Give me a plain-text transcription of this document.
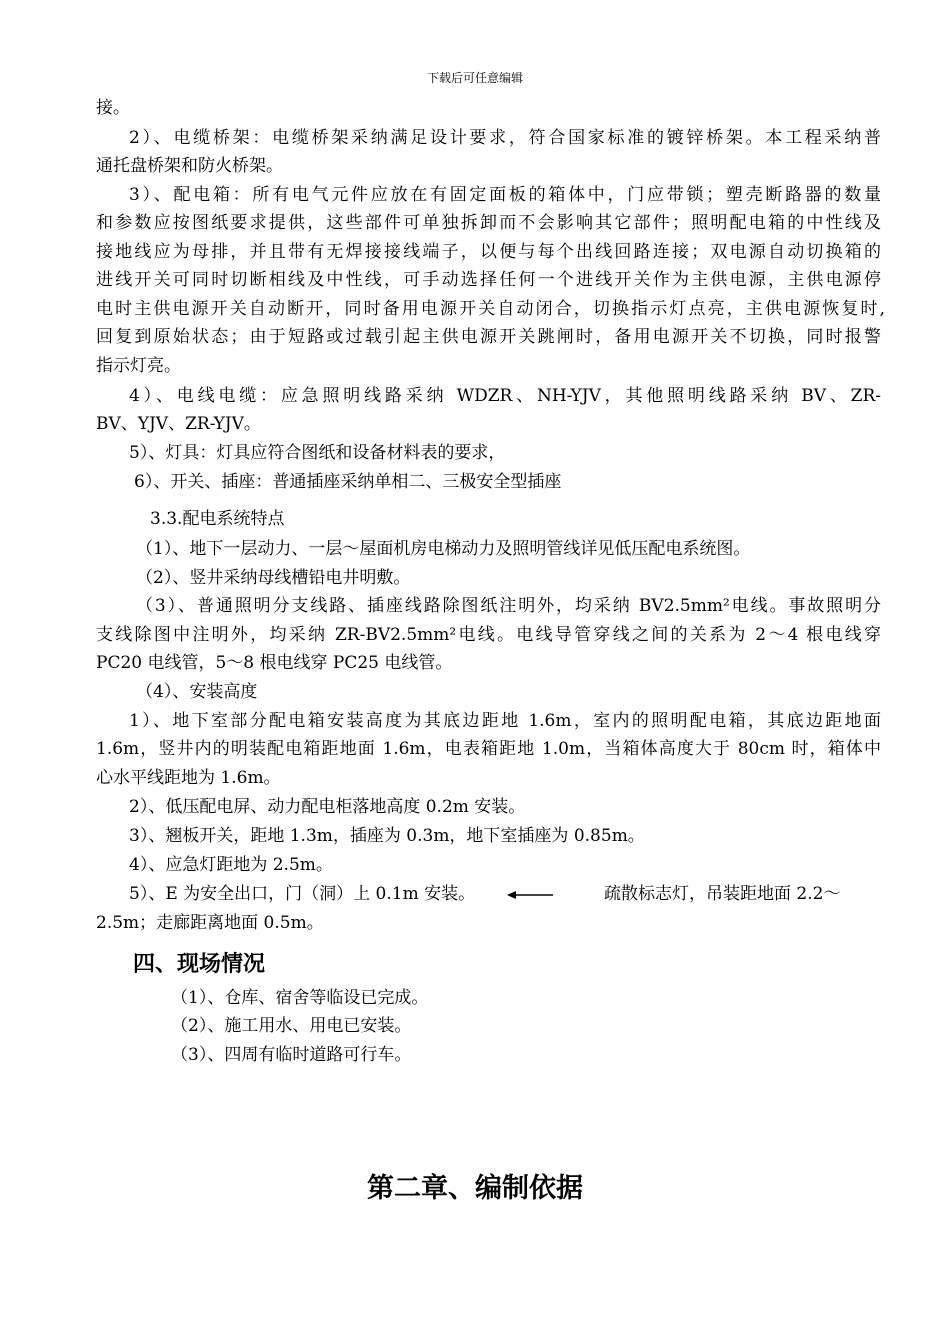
下载后可任意编辑
接。
2）、电缆桥架：电缆桥架采纳满足设计要求，符合国家标准的镀锌桥架。本工程采纳普
通托盘桥架和防火桥架。
3）、配电箱：所有电气元件应放在有固定面板的箱体中，门应带锁；塑壳断路器的数量
和参数应按图纸要求提供，这些部件可单独拆卸而不会影响其它部件；照明配电箱的中性线及
接地线应为母排，并且带有无焊接接线端子，以便与每个出线回路连接；双电源自动切换箱的
进线开关可同时切断相线及中性线，可手动选择任何一个进线开关作为主供电源，主供电源停
电时主供电源开关自动断开，同时备用电源开关自动闭合，切换指示灯点亮，主供电源恢复时,
回复到原始状态；由于短路或过载引起主供电源开关跳闸时，备用电源开关不切换，同时报警
指示灯亮。
4）、电线电缆：应急照明线路采纳 WDZR、NH-YJV，其他照明线路采纳 BV、ZR-
BV、YJV、ZR-YJV。
5）、灯具：灯具应符合图纸和设备材料表的要求，
6）、开关、插座：普通插座采纳单相二、三极安全型插座
3.3.配电系统特点
（1）、地下一层动力、一层～屋面机房电梯动力及照明管线详见低压配电系统图。
（2）、竖井采纳母线槽铅电井明敷。
（3）、普通照明分支线路、插座线路除图纸注明外，均采纳 BV2.5mm²电线。事故照明分
支线除图中注明外，均采纳 ZR-BV2.5mm²电线。电线导管穿线之间的关系为 2～4 根电线穿
PC20 电线管，5～8 根电线穿 PC25 电线管。
（4）、安装高度
1）、地下室部分配电箱安装高度为其底边距地 1.6m，室内的照明配电箱，其底边距地面
1.6m，竖井内的明装配电箱距地面 1.6m，电表箱距地 1.0m，当箱体高度大于 80cm 时，箱体中
心水平线距地为 1.6m。
2）、低压配电屏、动力配电柜落地高度 0.2m 安装。
3）、翘板开关，距地 1.3m，插座为 0.3m，地下室插座为 0.85m。
4）、应急灯距地为 2.5m。
5）、E 为安全出口，门（洞）上 0.1m 安装。	疏散标志灯，吊装距地面 2.2～
2.5m；走廊距离地面 0.5m。
四、现场情况
（1）、仓库、宿舍等临设已完成。
（2）、施工用水、用电已安装。
（3）、四周有临时道路可行车。
第二章、编制依据
